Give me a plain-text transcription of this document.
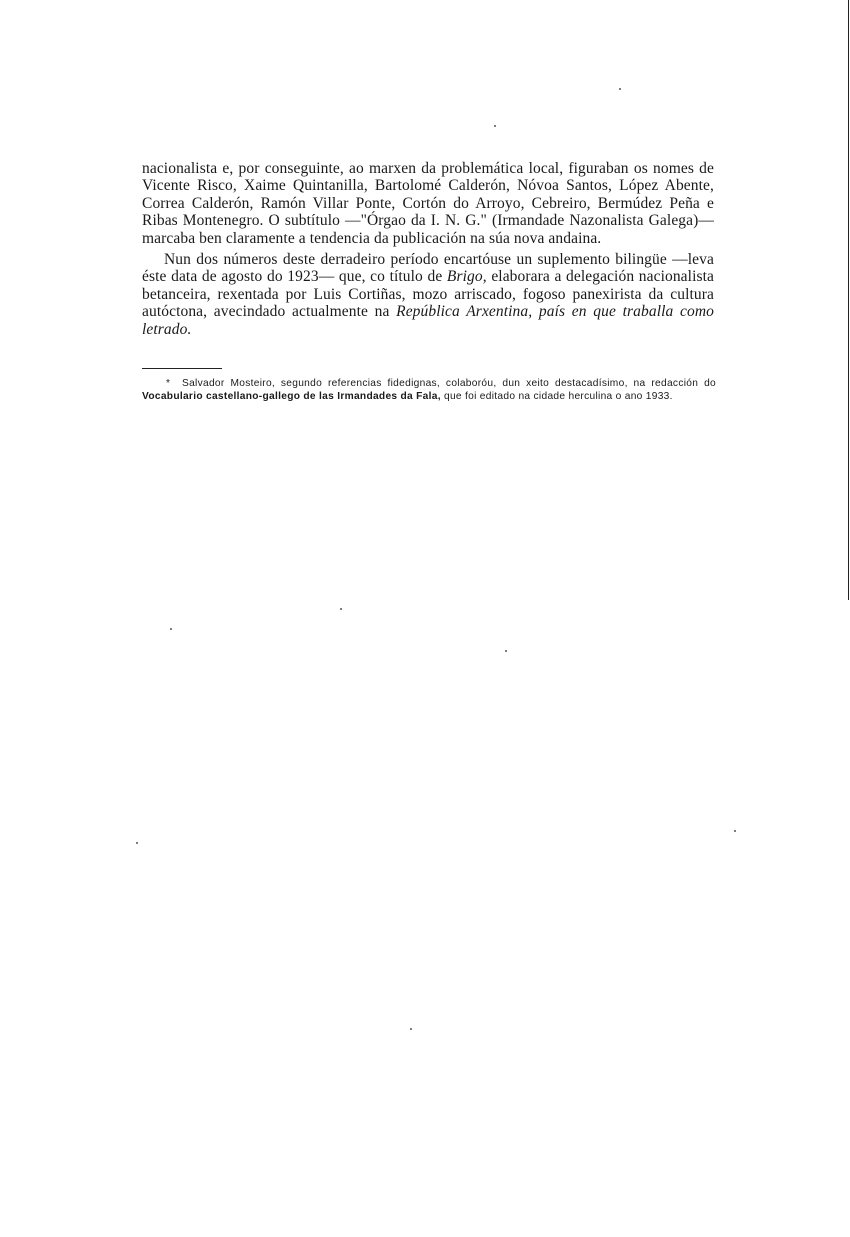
nacionalista e, por conseguinte, ao marxen da problemática local, figuraban os nomes de Vicente Risco, Xaime Quintanilla, Bartolomé Calderón, Nóvoa Santos, López Abente, Correa Calderón, Ramón Villar Ponte, Cortón do Arroyo, Cebreiro, Bermúdez Peña e Ribas Montenegro. O subtítulo —"Órgao da I. N. G." (Irmandade Nazonalista Galega)— marcaba ben claramente a tendencia da publicación na súa nova andaina.

Nun dos números deste derradeiro período encartóuse un suplemento bilingüe —leva éste data de agosto do 1923— que, co título de Brigo, elaborara a delegación nacionalista betanceira, rexentada por Luis Cortiñas, mozo arriscado, fogoso panexirista da cultura autóctona, avecindado actualmente na República Arxentina, país en que traballa como letrado.

* Salvador Mosteiro, segundo referencias fidedignas, colaboróu, dun xeito destacadísimo, na redacción do Vocabulario castellano-gallego de las Irmandades da Fala, que foi editado na cidade herculina o ano 1933.
